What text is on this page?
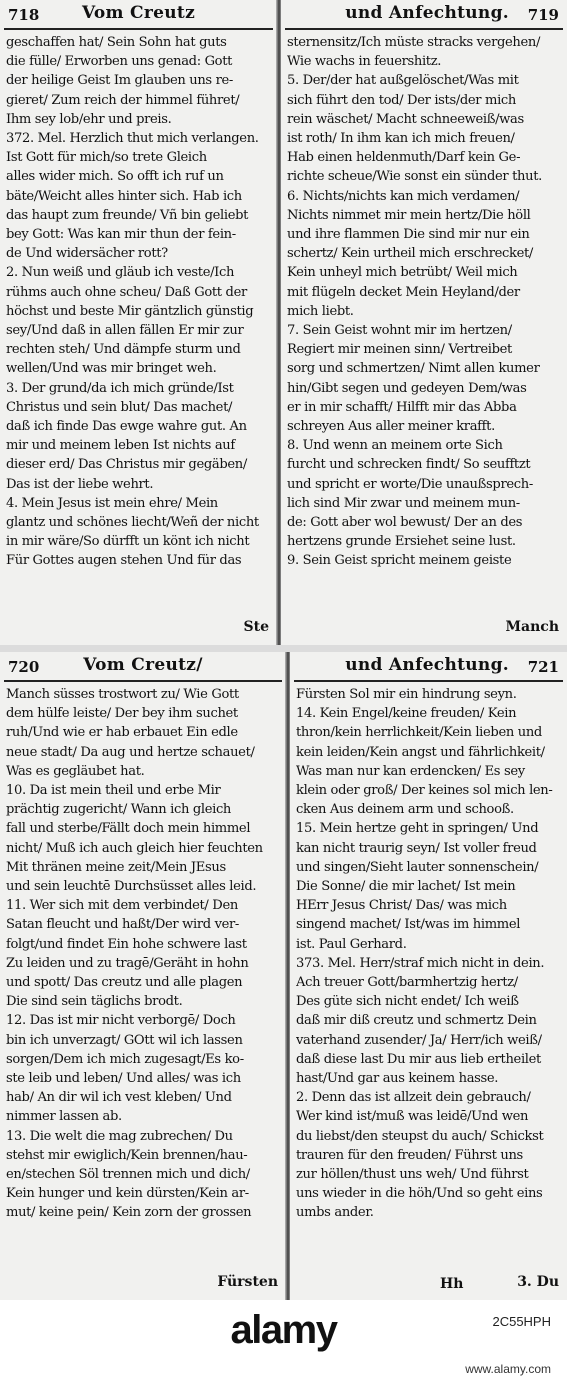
718	Vom Creutz
geschaffen hat/ Sein Sohn hat guts
die fülle/ Erworben uns genad: Gott
der heilige Geist Im glauben uns re-
gieret/ Zum reich der himmel führet/
Ihm sey lob/ehr und preis.
372. Mel. Herzlich thut mich verlangen.
Ist Gott für mich/so trete Gleich
alles wider mich. So offt ich ruf un
bäte/Weicht alles hinter sich. Hab ich
das haupt zum freunde/ Vñ bin geliebt
bey Gott: Was kan mir thun der fein-
de Und widersächer rott?
2. Nun weiß und gläub ich veste/Ich
rühms auch ohne scheu/ Daß Gott der
höchst und beste Mir gäntzlich günstig
sey/Und daß in allen fällen Er mir zur
rechten steh/ Und dämpfe sturm und
wellen/Und was mir bringet weh.
3. Der grund/da ich mich gründe/Ist
Christus und sein blut/ Das machet/
daß ich finde Das ewge wahre gut. An
mir und meinem leben Ist nichts auf
dieser erd/ Das Christus mir gegäben/
Das ist der liebe wehrt.
4. Mein Jesus ist mein ehre/ Mein
glantz und schönes liecht/Weñ der nicht
in mir wäre/So dürfft un könt ich nicht
Für Gottes augen stehen Und für das
Ste
und Anfechtung. 719
sternensitz/Ich müste stracks vergehen/
Wie wachs in feuershitz.
5. Der/der hat außgelöschet/Was mit
sich führt den tod/ Der ists/der mich
rein wäschet/ Macht schneeweiß/was
ist roth/ In ihm kan ich mich freuen/
Hab einen heldenmuth/Darf kein Ge-
richte scheue/Wie sonst ein sünder thut.
6. Nichts/nichts kan mich verdamen/
Nichts nimmet mir mein hertz/Die höll
und ihre flammen Die sind mir nur ein
schertz/ Kein urtheil mich erschrecket/
Kein unheyl mich betrübt/ Weil mich
mit flügeln decket Mein Heyland/der
mich liebt.
7. Sein Geist wohnt mir im hertzen/
Regiert mir meinen sinn/ Vertreibet
sorg und schmertzen/ Nimt allen kumer
hin/Gibt segen und gedeyen Dem/was
er in mir schafft/ Hilfft mir das Abba
schreyen Aus aller meiner krafft.
8. Und wenn an meinem orte Sich
furcht und schrecken findt/ So seufftzt
und spricht er worte/Die unaußsprech-
lich sind Mir zwar und meinem mun-
de: Gott aber wol bewust/ Der an des
hertzens grunde Ersiehet seine lust.
9. Sein Geist spricht meinem geiste
Manch
720	Vom Creutz/
Manch süsses trostwort zu/ Wie Gott
dem hülfe leiste/ Der bey ihm suchet
ruh/Und wie er hab erbauet Ein edle
neue stadt/ Da aug und hertze schauet/
Was es gegläubet hat.
10. Da ist mein theil und erbe Mir
prächtig zugericht/ Wann ich gleich
fall und sterbe/Fällt doch mein himmel
nicht/ Muß ich auch gleich hier feuchten
Mit thränen meine zeit/Mein JEsus
und sein leuchtē Durchsüsset alles leid.
11. Wer sich mit dem verbindet/ Den
Satan fleucht und haßt/Der wird ver-
folgt/und findet Ein hohe schwere last
Zu leiden und zu tragē/Geräht in hohn
und spott/ Das creutz und alle plagen
Die sind sein täglichs brodt.
12. Das ist mir nicht verborgē/ Doch
bin ich unverzagt/ GOtt wil ich lassen
sorgen/Dem ich mich zugesagt/Es ko-
ste leib und leben/ Und alles/ was ich
hab/ An dir wil ich vest kleben/ Und
nimmer lassen ab.
13. Die welt die mag zubrechen/ Du
stehst mir ewiglich/Kein brennen/hau-
en/stechen Söl trennen mich und dich/
Kein hunger und kein dürsten/Kein ar-
mut/ keine pein/ Kein zorn der grossen
Fürsten
und Anfechtung. 721
Fürsten Sol mir ein hindrung seyn.
14. Kein Engel/keine freuden/ Kein
thron/kein herrlichkeit/Kein lieben und
kein leiden/Kein angst und fährlichkeit/
Was man nur kan erdencken/ Es sey
klein oder groß/ Der keines sol mich len-
cken Aus deinem arm und schooß.
15. Mein hertze geht in springen/ Und
kan nicht traurig seyn/ Ist voller freud
und singen/Sieht lauter sonnenschein/
Die Sonne/ die mir lachet/ Ist mein
HErr Jesus Christ/ Das/ was mich
singend machet/ Ist/was im himmel
ist. Paul Gerhard.
373. Mel. Herr/straf mich nicht in dein.
Ach treuer Gott/barmhertzig hertz/
Des güte sich nicht endet/ Ich weiß
daß mir diß creutz und schmertz Dein
vaterhand zusender/ Ja/ Herr/ich weiß/
daß diese last Du mir aus lieb ertheilet
hast/Und gar aus keinem hasse.
2. Denn das ist allzeit dein gebrauch/
Wer kind ist/muß was leidē/Und wen
du liebst/den steupst du auch/ Schickst
trauren für den freuden/ Führst uns
zur höllen/thust uns weh/ Und führst
uns wieder in die höh/Und so geht eins
umbs ander.
Hh	3. Du
alamy	2C55HPH
www.alamy.com
